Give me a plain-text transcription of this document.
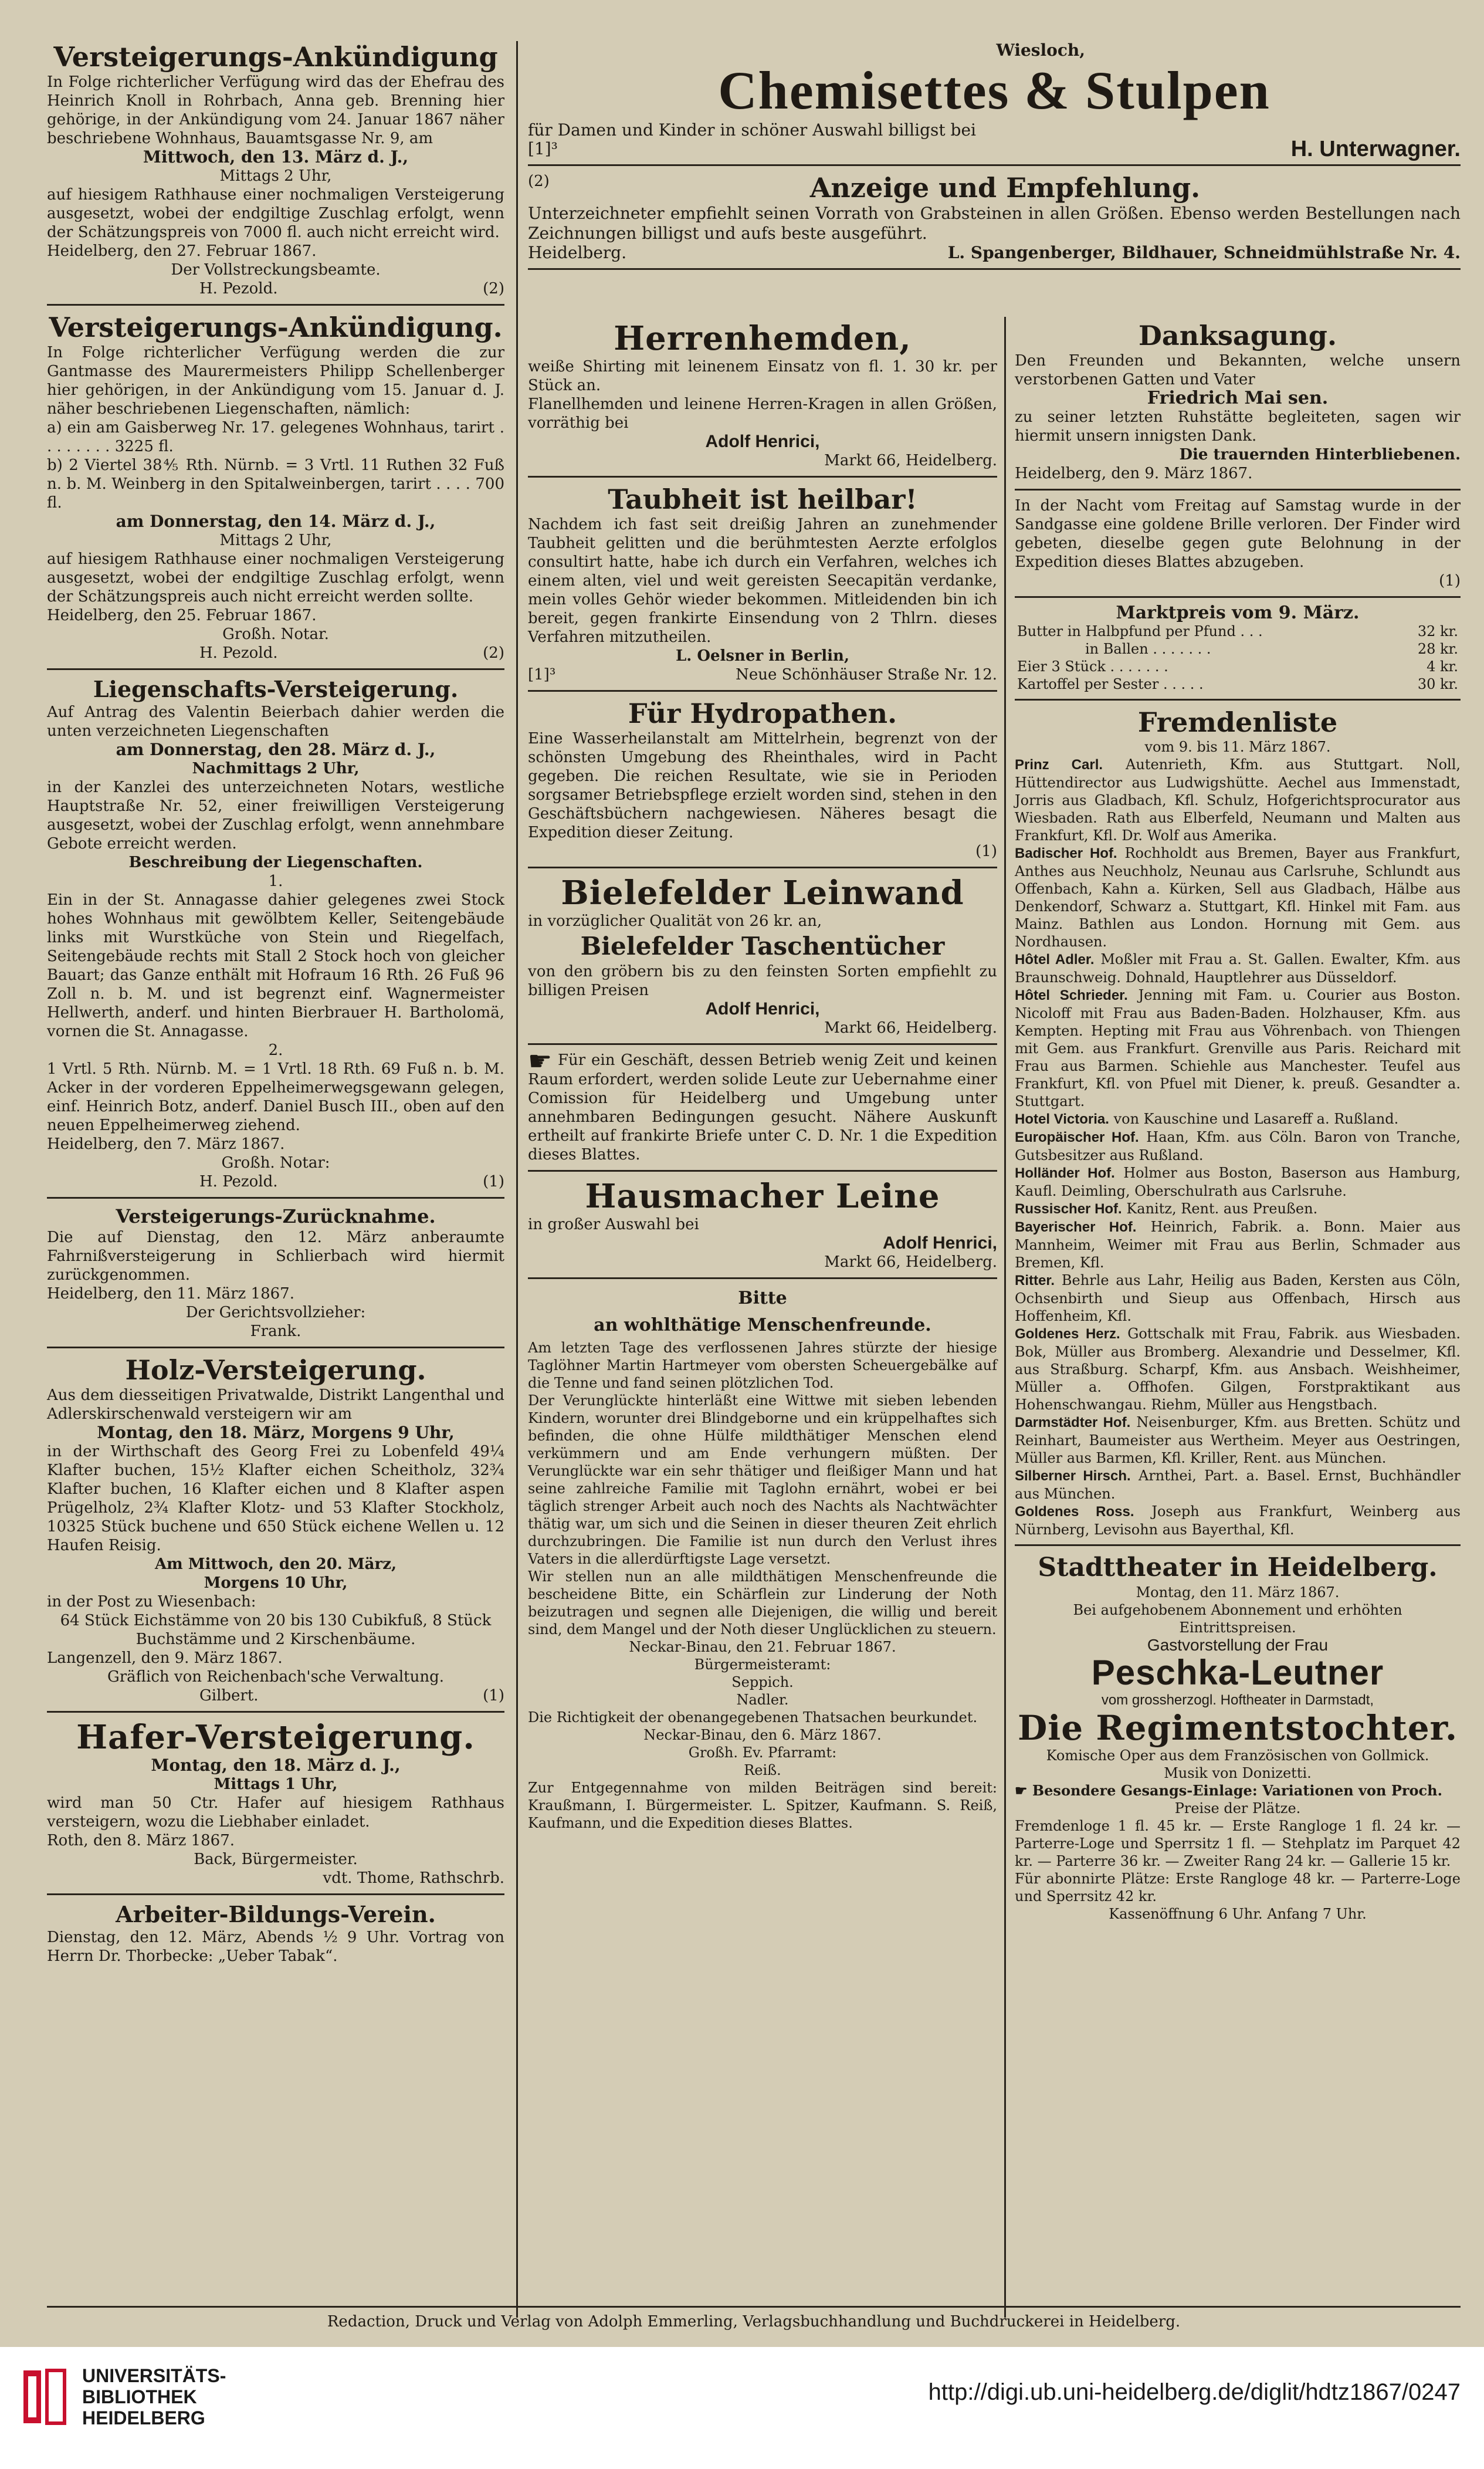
Versteigerungs-Ankündigung
In Folge richterlicher Verfügung wird das der Ehefrau des Heinrich Knoll in Rohrbach, Anna geb. Brenning hier gehörige, in der Ankündigung vom 24. Januar 1867 näher beschriebene Wohnhaus, Bauamtsgasse Nr. 9, am
Mittwoch, den 13. März d. J.,
Mittags 2 Uhr,
auf hiesigem Rathhause einer nochmaligen Versteigerung ausgesetzt, wobei der endgiltige Zuschlag erfolgt, wenn der Schätzungspreis von 7000 fl. auch nicht erreicht wird.
Heidelberg, den 27. Februar 1867.
Der Vollstreckungsbeamte.
H. Pezold.	(2)
Versteigerungs-Ankündigung.
In Folge richterlicher Verfügung werden die zur Gantmasse des Maurermeisters Philipp Schellenberger hier gehörigen, in der Ankündigung vom 15. Januar d. J. näher beschriebenen Liegenschaften, nämlich:
a) ein am Gaisberweg Nr. 17. gelegenes Wohnhaus, tarirt . . . . . . . . 3225 fl.
b) 2 Viertel 38⅘ Rth. Nürnb. = 3 Vrtl. 11 Ruthen 32 Fuß n. b. M. Weinberg in den Spitalweinbergen, tarirt . . . . 700 fl.
am Donnerstag, den 14. März d. J.,
Mittags 2 Uhr,
auf hiesigem Rathhause einer nochmaligen Versteigerung ausgesetzt, wobei der endgiltige Zuschlag erfolgt, wenn der Schätzungspreis auch nicht erreicht werden sollte.
Heidelberg, den 25. Februar 1867.
Großh. Notar.
H. Pezold.	(2)
Liegenschafts-Versteigerung.
Auf Antrag des Valentin Beierbach dahier werden die unten verzeichneten Liegenschaften
am Donnerstag, den 28. März d. J.,
Nachmittags 2 Uhr,
in der Kanzlei des unterzeichneten Notars, westliche Hauptstraße Nr. 52, einer freiwilligen Versteigerung ausgesetzt, wobei der Zuschlag erfolgt, wenn annehmbare Gebote erreicht werden.
Beschreibung der Liegenschaften.
1.
Ein in der St. Annagasse dahier gelegenes zwei Stock hohes Wohnhaus mit gewölbtem Keller, Seitengebäude links mit Wurstküche von Stein und Riegelfach, Seitengebäude rechts mit Stall 2 Stock hoch von gleicher Bauart; das Ganze enthält mit Hofraum 16 Rth. 26 Fuß 96 Zoll n. b. M. und ist begrenzt einf. Wagnermeister Hellwerth, anderf. und hinten Bierbrauer H. Bartholomä, vornen die St. Annagasse.
2.
1 Vrtl. 5 Rth. Nürnb. M. = 1 Vrtl. 18 Rth. 69 Fuß n. b. M. Acker in der vorderen Eppelheimerwegsgewann gelegen, einf. Heinrich Botz, anderf. Daniel Busch III., oben auf den neuen Eppelheimerweg ziehend.
Heidelberg, den 7. März 1867.
Großh. Notar:
H. Pezold.	(1)
Versteigerungs-Zurücknahme.
Die auf Dienstag, den 12. März anberaumte Fahrnißversteigerung in Schlierbach wird hiermit zurückgenommen.
Heidelberg, den 11. März 1867.
Der Gerichtsvollzieher:
Frank.
Holz-Versteigerung.
Aus dem diesseitigen Privatwalde, Distrikt Langenthal und Adlerskirschenwald versteigern wir am
Montag, den 18. März, Morgens 9 Uhr,
in der Wirthschaft des Georg Frei zu Lobenfeld 49¼ Klafter buchen, 15½ Klafter eichen Scheitholz, 32¾ Klafter buchen, 16 Klafter eichen und 8 Klafter aspen Prügelholz, 2¾ Klafter Klotz- und 53 Klafter Stockholz, 10325 Stück buchene und 650 Stück eichene Wellen u. 12 Haufen Reisig.
Am Mittwoch, den 20. März,
Morgens 10 Uhr,
in der Post zu Wiesenbach:
64 Stück Eichstämme von 20 bis 130 Cubikfuß, 8 Stück Buchstämme und 2 Kirschenbäume.
Langenzell, den 9. März 1867.
Gräflich von Reichenbach'sche Verwaltung.
Gilbert.	(1)
Hafer-Versteigerung.
Montag, den 18. März d. J.,
Mittags 1 Uhr,
wird man 50 Ctr. Hafer auf hiesigem Rathhaus versteigern, wozu die Liebhaber einladet.
Roth, den 8. März 1867.
Back, Bürgermeister.
vdt. Thome, Rathschrb.
Arbeiter-Bildungs-Verein.
Dienstag, den 12. März, Abends ½ 9 Uhr. Vortrag von Herrn Dr. Thorbecke: „Ueber Tabak“.
Wiesloch,
Chemisettes & Stulpen
für Damen und Kinder in schöner Auswahl billigst bei
[1]³	H. Unterwagner.
(2)	Anzeige und Empfehlung.
Unterzeichneter empfiehlt seinen Vorrath von Grabsteinen in allen Größen. Ebenso werden Bestellungen nach Zeichnungen billigst und aufs beste ausgeführt.
Heidelberg.	L. Spangenberger, Bildhauer, Schneidmühlstraße Nr. 4.
Herrenhemden,
weiße Shirting mit leinenem Einsatz von fl. 1. 30 kr. per Stück an.
Flanellhemden und leinene Herren-Kragen in allen Größen, vorräthig bei
Adolf Henrici,
Markt 66, Heidelberg.
Taubheit ist heilbar!
Nachdem ich fast seit dreißig Jahren an zunehmender Taubheit gelitten und die berühmtesten Aerzte erfolglos consultirt hatte, habe ich durch ein Verfahren, welches ich einem alten, viel und weit gereisten Seecapitän verdanke, mein volles Gehör wieder bekommen. Mitleidenden bin ich bereit, gegen frankirte Einsendung von 2 Thlrn. dieses Verfahren mitzutheilen.
L. Oelsner in Berlin,
[1]³	Neue Schönhäuser Straße Nr. 12.
Für Hydropathen.
Eine Wasserheilanstalt am Mittelrhein, begrenzt von der schönsten Umgebung des Rheinthales, wird in Pacht gegeben. Die reichen Resultate, wie sie in Perioden sorgsamer Betriebspflege erzielt worden sind, stehen in den Geschäftsbüchern nachgewiesen. Näheres besagt die Expedition dieser Zeitung.
(1)
Bielefelder Leinwand
in vorzüglicher Qualität von 26 kr. an,
Bielefelder Taschentücher
von den gröbern bis zu den feinsten Sorten empfiehlt zu billigen Preisen
Adolf Henrici,
Markt 66, Heidelberg.
☛ Für ein Geschäft, dessen Betrieb wenig Zeit und keinen Raum erfordert, werden solide Leute zur Uebernahme einer Comission für Heidelberg und Umgebung unter annehmbaren Bedingungen gesucht. Nähere Auskunft ertheilt auf frankirte Briefe unter C. D. Nr. 1 die Expedition dieses Blattes.
Hausmacher Leine
in großer Auswahl bei
Adolf Henrici,
Markt 66, Heidelberg.
Bitte
an wohlthätige Menschenfreunde.
Am letzten Tage des verflossenen Jahres stürzte der hiesige Taglöhner Martin Hartmeyer vom obersten Scheuergebälke auf die Tenne und fand seinen plötzlichen Tod.
Der Verunglückte hinterläßt eine Wittwe mit sieben lebenden Kindern, worunter drei Blindgeborne und ein krüppelhaftes sich befinden, die ohne Hülfe mildthätiger Menschen elend verkümmern und am Ende verhungern müßten. Der Verunglückte war ein sehr thätiger und fleißiger Mann und hat seine zahlreiche Familie mit Taglohn ernährt, wobei er bei täglich strenger Arbeit auch noch des Nachts als Nachtwächter thätig war, um sich und die Seinen in dieser theuren Zeit ehrlich durchzubringen. Die Familie ist nun durch den Verlust ihres Vaters in die allerdürftigste Lage versetzt.
Wir stellen nun an alle mildthätigen Menschenfreunde die bescheidene Bitte, ein Schärflein zur Linderung der Noth beizutragen und segnen alle Diejenigen, die willig und bereit sind, dem Mangel und der Noth dieser Unglücklichen zu steuern.
Neckar-Binau, den 21. Februar 1867.
Bürgermeisteramt:
Seppich.
Nadler.
Die Richtigkeit der obenangegebenen Thatsachen beurkundet.
Neckar-Binau, den 6. März 1867.
Großh. Ev. Pfarramt:
Reiß.
Zur Entgegennahme von milden Beiträgen sind bereit: Kraußmann, I. Bürgermeister. L. Spitzer, Kaufmann. S. Reiß, Kaufmann, und die Expedition dieses Blattes.
Danksagung.
Den Freunden und Bekannten, welche unsern verstorbenen Gatten und Vater
Friedrich Mai sen.
zu seiner letzten Ruhstätte begleiteten, sagen wir hiermit unsern innigsten Dank.
Die trauernden Hinterbliebenen.
Heidelberg, den 9. März 1867.
In der Nacht vom Freitag auf Samstag wurde in der Sandgasse eine goldene Brille verloren. Der Finder wird gebeten, dieselbe gegen gute Belohnung in der Expedition dieses Blattes abzugeben.
(1)
Marktpreis vom 9. März.
Butter in Halbpfund per Pfund . . .	32 kr.
in Ballen . . . . . . .	28 kr.
Eier 3 Stück . . . . . . .	4 kr.
Kartoffel per Sester . . . . .	30 kr.
Fremdenliste
vom 9. bis 11. März 1867.
Prinz Carl. Autenrieth, Kfm. aus Stuttgart. Noll, Hüttendirector aus Ludwigshütte. Aechel aus Immenstadt, Jorris aus Gladbach, Kfl. Schulz, Hofgerichtsprocurator aus Wiesbaden. Rath aus Elberfeld, Neumann und Malten aus Frankfurt, Kfl. Dr. Wolf aus Amerika.
Badischer Hof. Rochholdt aus Bremen, Bayer aus Frankfurt, Anthes aus Neuchholz, Neunau aus Carlsruhe, Schlundt aus Offenbach, Kahn a. Kürken, Sell aus Gladbach, Hälbe aus Denkendorf, Schwarz a. Stuttgart, Kfl. Hinkel mit Fam. aus Mainz. Bathlen aus London. Hornung mit Gem. aus Nordhausen.
Hôtel Adler. Moßler mit Frau a. St. Gallen. Ewalter, Kfm. aus Braunschweig. Dohnald, Hauptlehrer aus Düsseldorf.
Hôtel Schrieder. Jenning mit Fam. u. Courier aus Boston. Nicoloff mit Frau aus Baden-Baden. Holzhauser, Kfm. aus Kempten. Hepting mit Frau aus Vöhrenbach. von Thiengen mit Gem. aus Frankfurt. Grenville aus Paris. Reichard mit Frau aus Barmen. Schiehle aus Manchester. Teufel aus Frankfurt, Kfl. von Pfuel mit Diener, k. preuß. Gesandter a. Stuttgart.
Hotel Victoria. von Kauschine und Lasareff a. Rußland.
Europäischer Hof. Haan, Kfm. aus Cöln. Baron von Tranche, Gutsbesitzer aus Rußland.
Holländer Hof. Holmer aus Boston, Baserson aus Hamburg, Kaufl. Deimling, Oberschulrath aus Carlsruhe.
Russischer Hof. Kanitz, Rent. aus Preußen.
Bayerischer Hof. Heinrich, Fabrik. a. Bonn. Maier aus Mannheim, Weimer mit Frau aus Berlin, Schmader aus Bremen, Kfl.
Ritter. Behrle aus Lahr, Heilig aus Baden, Kersten aus Cöln, Ochsenbirth und Sieup aus Offenbach, Hirsch aus Hoffenheim, Kfl.
Goldenes Herz. Gottschalk mit Frau, Fabrik. aus Wiesbaden. Bok, Müller aus Bromberg. Alexandrie und Desselmer, Kfl. aus Straßburg. Scharpf, Kfm. aus Ansbach. Weishheimer, Müller a. Offhofen. Gilgen, Forstpraktikant aus Hohenschwangau. Riehm, Müller aus Hengstbach.
Darmstädter Hof. Neisenburger, Kfm. aus Bretten. Schütz und Reinhart, Baumeister aus Wertheim. Meyer aus Oestringen, Müller aus Barmen, Kfl. Kriller, Rent. aus München.
Silberner Hirsch. Arnthei, Part. a. Basel. Ernst, Buchhändler aus München.
Goldenes Ross. Joseph aus Frankfurt, Weinberg aus Nürnberg, Levisohn aus Bayerthal, Kfl.
Stadttheater in Heidelberg.
Montag, den 11. März 1867.
Bei aufgehobenem Abonnement und erhöhten Eintrittspreisen.
Gastvorstellung der Frau
Peschka-Leutner
vom grossherzogl. Hoftheater in Darmstadt,
Die Regimentstochter.
Komische Oper aus dem Französischen von Gollmick.
Musik von Donizetti.
☛ Besondere Gesangs-Einlage: Variationen von Proch.
Preise der Plätze.
Fremdenloge 1 fl. 45 kr. — Erste Rangloge 1 fl. 24 kr. — Parterre-Loge und Sperrsitz 1 fl. — Stehplatz im Parquet 42 kr. — Parterre 36 kr. — Zweiter Rang 24 kr. — Gallerie 15 kr.
Für abonnirte Plätze: Erste Rangloge 48 kr. — Parterre-Loge und Sperrsitz 42 kr.
Kassenöffnung 6 Uhr. Anfang 7 Uhr.
Redaction, Druck und Verlag von Adolph Emmerling, Verlagsbuchhandlung und Buchdruckerei in Heidelberg.
UNIVERSITÄTS-
BIBLIOTHEK
HEIDELBERG
http://digi.ub.uni-heidelberg.de/diglit/hdtz1867/0247
